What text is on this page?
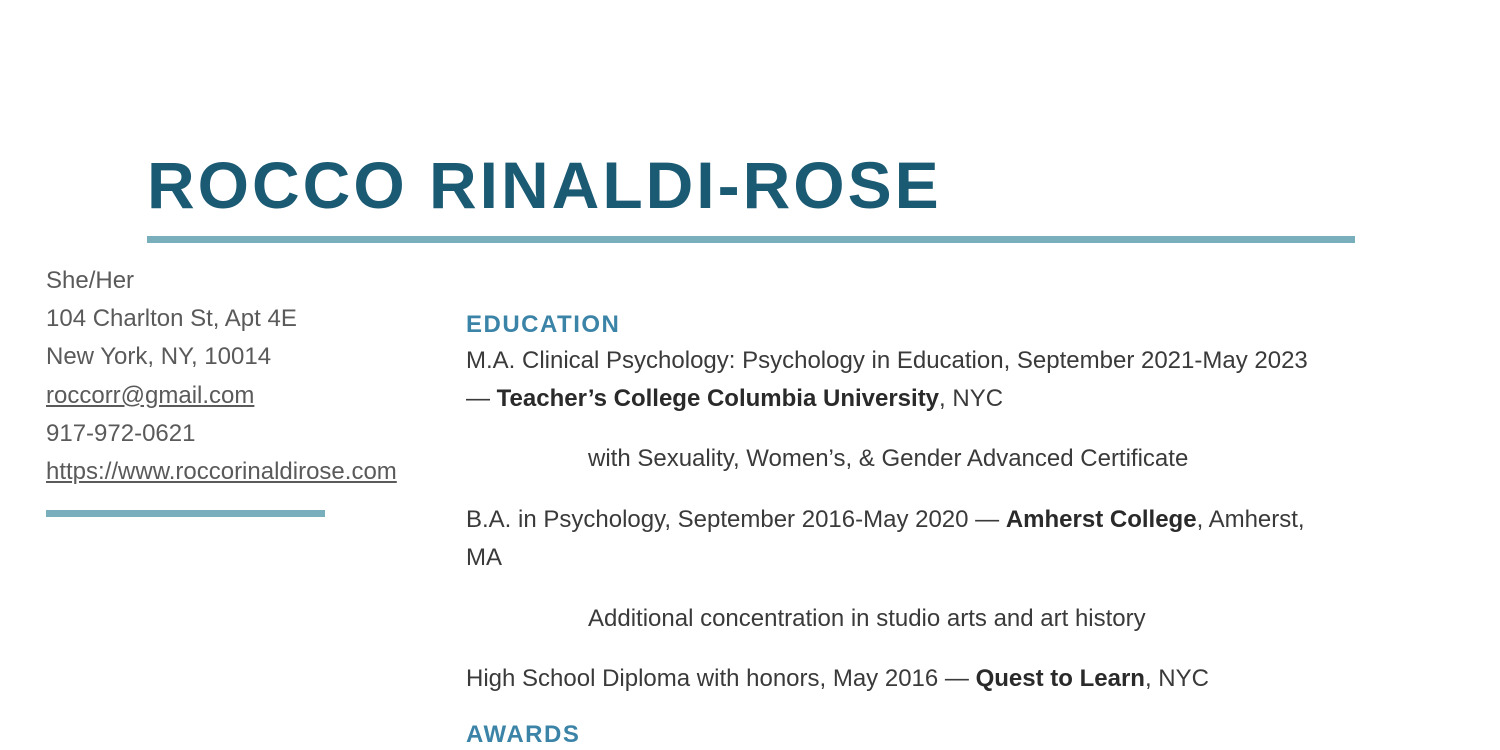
ROCCO RINALDI-ROSE
She/Her
104 Charlton St, Apt 4E
New York, NY, 10014
roccorr@gmail.com
917-972-0621
https://www.roccorinaldirose.com
EDUCATION

M.A. Clinical Psychology: Psychology in Education, September 2021-May 2023 — Teacher’s College Columbia University, NYC

with Sexuality, Women’s, & Gender Advanced Certificate

B.A. in Psychology, September 2016-May 2020 — Amherst College, Amherst, MA

Additional concentration in studio arts and art history

High School Diploma with honors, May 2016 — Quest to Learn, NYC

AWARDS
